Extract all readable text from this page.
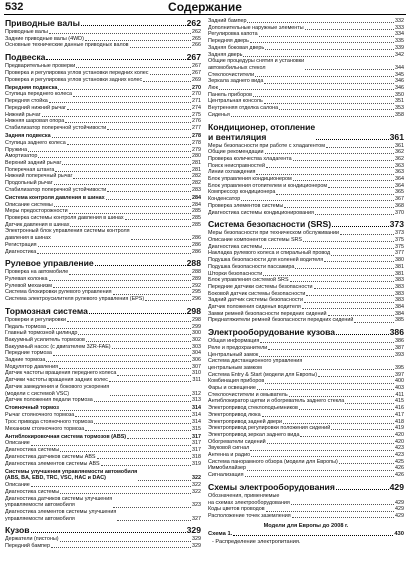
532	Содержание
Приводные валы	262
Приводные валы	262
Задние приводные валы (4WD)	265
Основные технические данные приводных валов	266
Подвеска	267
Предварительные проверки	267
Проверка и регулировка углов установки передних колес	267
Проверка и регулировка углов установки задних колес	269
Передняя подвеска	270
Ступица переднего колеса	270
Передняя стойка	271
Передний нижний рычаг	274
Нижний рычаг	275
Нижняя шаровая опора	276
Стабилизатор поперечной устойчивости	277
Задняя подвеска	278
Ступица заднего колеса	278
Пружина	279
Амортизатор	280
Верхний задний рычаг	281
Поперечная штанга	281
Нижний поперечный рычаг	282
Продольный рычаг	282
Стабилизатор поперечной устойчивости	283
Система контроля давления в шинах	284
Описание системы	284
Меры предосторожности	285
Проверка системы контроля давления в шинах	285
Датчик давления в шинах	285
Электронный блок управления системы контроля
давления в шинах	286
Регистрация	286
Диагностика	286
Рулевое управление	288
Проверка на автомобиле	288
Рулевая колонка	289
Рулевой механизм	292
Система блокировки рулевого управления	295
Система электроусилителя рулевого управления (EPS)	296
Тормозная система	298
Проверки и регулировки	298
Педаль тормоза	299
Главный тормозной цилиндр	300
Вакуумный усилитель тормозов	302
Вакуумный насос (с двигателем 3ZR-FAE)	303
Передние тормоза	304
Задние тормоза	306
Модулятор давления	307
Датчик частоты вращения переднего колеса	310
Датчики частоты вращения задних колес	311
Датчик замедления и бокового ускорения
(модели с системой VSC)	312
Датчик положения педали тормоза	313
Стояночный тормоз	314
Рычаг стояночного тормоза	314
Трос привода стояночного тормоза	314
Механизм стояночного тормоза	315
Антиблокировочная система тормозов (ABS)	317
Описание	317
Диагностика системы	317
Диагностика датчиков системы ABS	318
Диагностика элементов системы ABS	319
Системы улучшения управляемости автомобиля
(ABS, BA, EBD, TRC, VSC, HAC и DAC)	322
Описание	322
Диагностика системы	322
Диагностика датчиков системы улучшения
управляемости автомобиля	323
Диагностика элементов системы улучшения
управляемости автомобиля	327
Кузов	329
Держатели (пистоны)	329
Передний бампер	329
Задний бампер	332
Дополнительные наружные элементы	333
Регулировка капота	334
Передняя дверь	335
Задняя боковая дверь	339
Задняя дверь	342
Общие процедуры снятия и установки
автомобильных стекол	344
Стеклоочистители	345
Зеркала заднего вида	346
Люк	346
Панель приборов	350
Центральная консоль	351
Внутренняя отделка салона	353
Сиденья	358
Кондиционер, отопление
и вентиляция	361
Меры безопасности при работе с хладагентом	361
Общие рекомендации	362
Проверка количества хладагента	362
Поиск неисправностей	363
Линии охлаждения	363
Блок управления кондиционером	364
Блок управления отопителем и кондиционером	364
Компрессор кондиционера	365
Конденсатор	367
Проверка элементов системы	368
Диагностика системы кондиционирования	370
Система безопасности (SRS)	373
Меры безопасности при техническом обслуживании	373
Описание компонентов системы SRS	375
Диагностика системы	375
Накладка рулевого колеса и спиральный провод	377
Подушка безопасности для коленей водителя	380
Подушка безопасности пассажира	381
Шторки безопасности	381
Блок управления системой SRS	383
Передние датчики системы безопасности	383
Боковой датчик системы безопасности	383
Задний датчик системы безопасности	383
Датчик положения сиденья водителя	384
Замки ремней безопасности передних сидений	384
Преднатяжители ремней безопасности передних сидений	385
Электрооборудование кузова	386
Общая информация	386
Реле и предохранители	387
Центральный замок	393
Система дистанционного управления
центральным замком	395
Система Entry & Start (модели для Европы)	397
Комбинация приборов	400
Фары и освещение	403
Стеклоочистители и омыватель	411
Антиблокиратор щетки и обогреватель заднего стекла	415
Электропривод стеклоподъемников	416
Электропривод люка	417
Электропривод задней двери	418
Электропривод регулировки положения сидений	419
Электропривод зеркал заднего вида	420
Обогреватели сидений	420
Звуковой сигнал	423
Антенна и радио	423
Система панорамного обзора (модели для Европы)	425
Иммобилайзер	426
Сигнализация	426
Схемы электрооборудования	429
Обозначения, применяемые
на схемах электрооборудования	429
Коды цветов проводов	429
Расположение точек заземления	429
Модели для Европы до 2008 г.
Схема 1.	430
- Распределение электропитания.
